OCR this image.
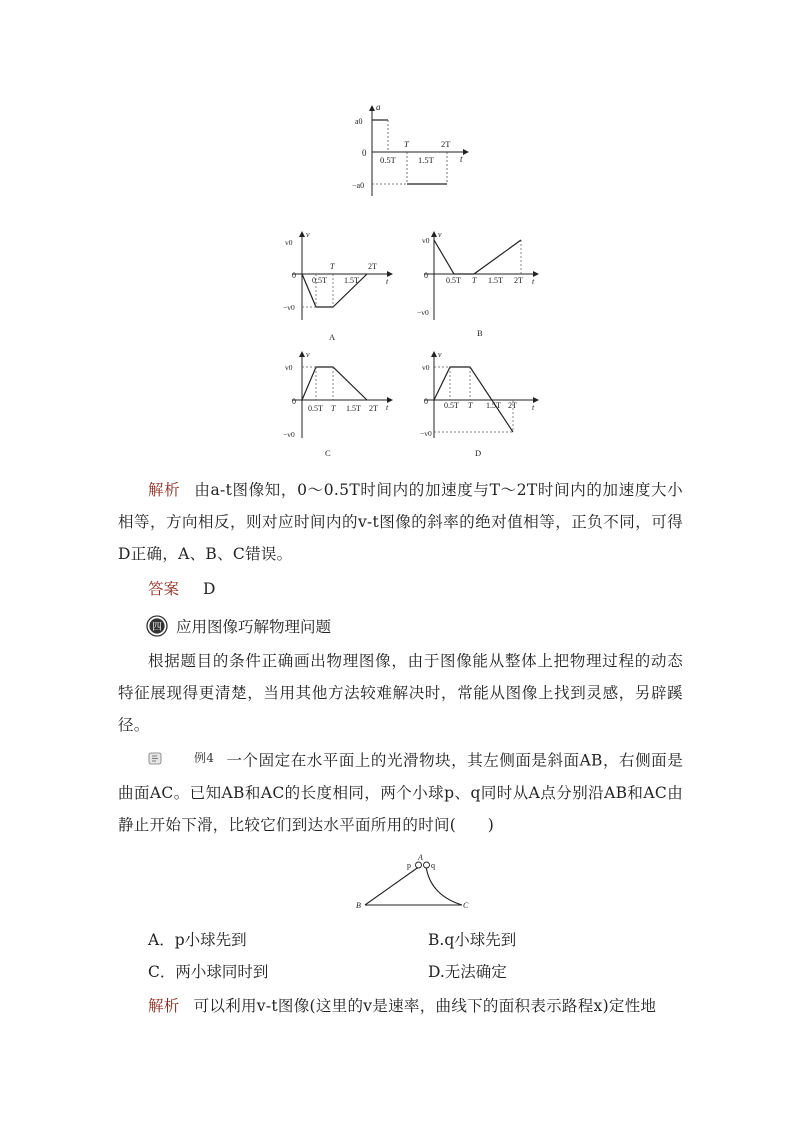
a
t
a0
0
−a0
0.5T
T
1.5T
2T
v
t
v0
0
−v0
0.5T
T
1.5T
2T
A
v
t
v0
0
−v0
0.5T T 1.5T 2T
B
v
t
v0
0
−v0
0.5T T 1.5T 2T
C
v
t
v0
0
−v0
0.5T T 1.5T 2T
D
解析 由a-t图像知，0～0.5T时间内的加速度与T～2T时间内的加速度大小相等，方向相反，则对应时间内的v-t图像的斜率的绝对值相等，正负不同，可得D正确，A、B、C错误。
答案 D
四 应用图像巧解物理问题
根据题目的条件正确画出物理图像，由于图像能从整体上把物理过程的动态特征展现得更清楚，当用其他方法较难解决时，常能从图像上找到灵感，另辟蹊径。
例4 一个固定在水平面上的光滑物块，其左侧面是斜面AB，右侧面是曲面AC。已知AB和AC的长度相同，两个小球p、q同时从A点分别沿AB和AC由静止开始下滑，比较它们到达水平面所用的时间(　　)
A
p	q
B	C
A．p小球先到	B.q小球先到
C．两小球同时到	D.无法确定
解析 可以利用v-t图像(这里的v是速率，曲线下的面积表示路程x)定性地
